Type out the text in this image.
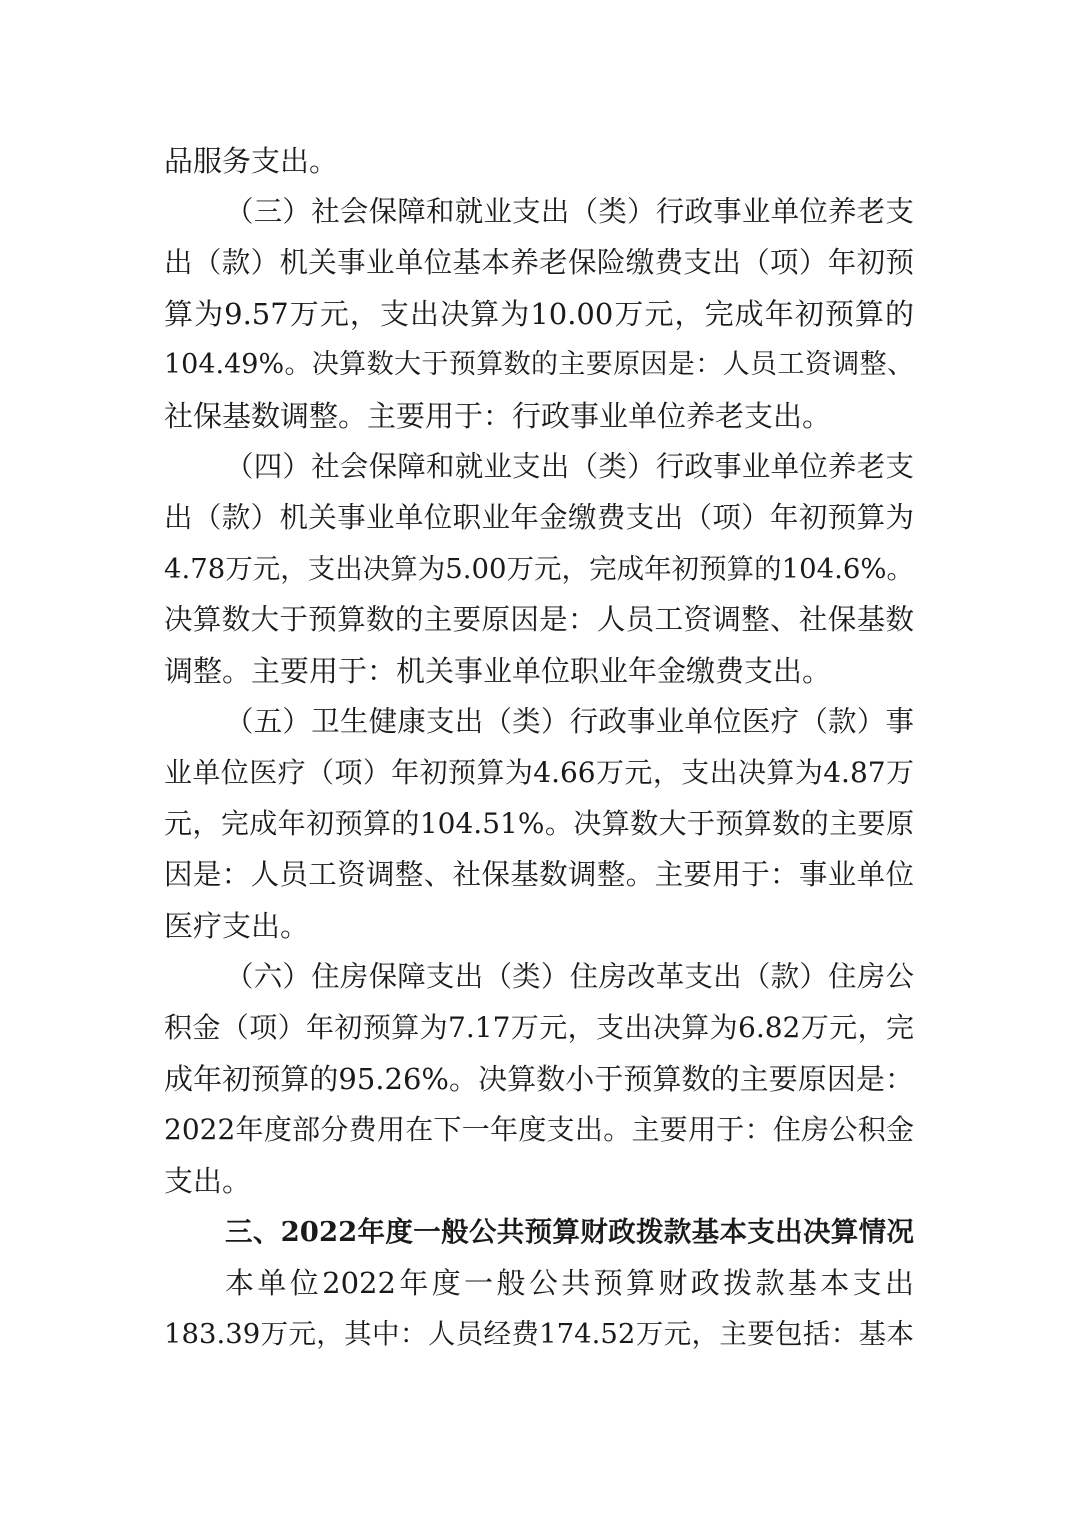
品服务支出。
（三）社会保障和就业支出（类）行政事业单位养老支
出（款）机关事业单位基本养老保险缴费支出（项）年初预
算为9.57万元，支出决算为10.00万元，完成年初预算的
104.49%。决算数大于预算数的主要原因是：人员工资调整、
社保基数调整。主要用于：行政事业单位养老支出。
（四）社会保障和就业支出（类）行政事业单位养老支
出（款）机关事业单位职业年金缴费支出（项）年初预算为
4.78万元，支出决算为5.00万元，完成年初预算的104.6%。
决算数大于预算数的主要原因是：人员工资调整、社保基数
调整。主要用于：机关事业单位职业年金缴费支出。
（五）卫生健康支出（类）行政事业单位医疗（款）事
业单位医疗（项）年初预算为4.66万元，支出决算为4.87万
元，完成年初预算的104.51%。决算数大于预算数的主要原
因是：人员工资调整、社保基数调整。主要用于：事业单位
医疗支出。
（六）住房保障支出（类）住房改革支出（款）住房公
积金（项）年初预算为7.17万元，支出决算为6.82万元，完
成年初预算的95.26%。决算数小于预算数的主要原因是：
2022年度部分费用在下一年度支出。主要用于：住房公积金
支出。
三、2022年度一般公共预算财政拨款基本支出决算情况
本单位2022年度一般公共预算财政拨款基本支出
183.39万元，其中：人员经费174.52万元，主要包括：基本
